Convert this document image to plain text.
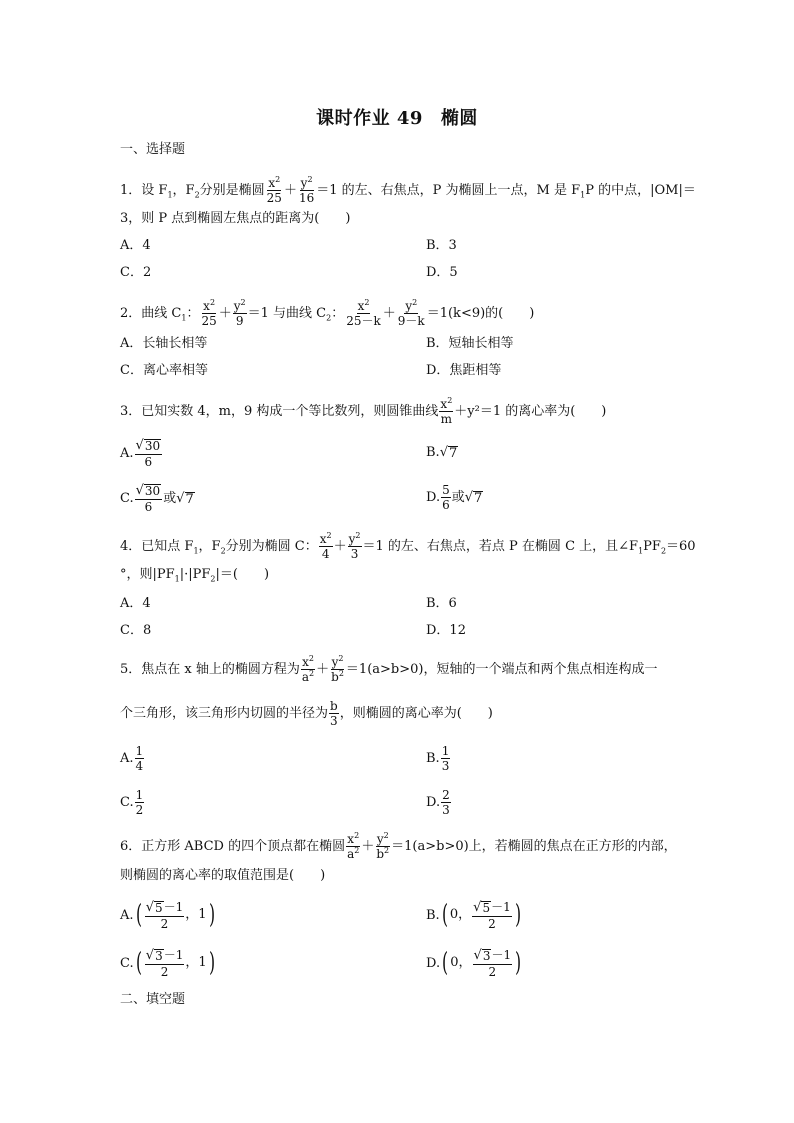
课时作业 49 椭圆
一、选择题
1．设 $F_1$，$F_2$分别是椭圆 $\frac{x^2}{25} + \frac{y^2}{16} =1$ 的左、右焦点，P 为椭圆上一点，M 是 $F_1P$ 的中点，|OM|＝
3，则 P 点到椭圆左焦点的距离为(　　)
A．4	B．3
C．2	D．5
2．曲线 $C_1$： $\frac{x^2}{25} + \frac{y^2}{9} =1$ 与曲线 $C_2$： $\frac{x^2}{25-k} + \frac{y^2}{9-k} =1(k<9)$的(　　)
A．长轴长相等	B．短轴长相等
C．离心率相等	D．焦距相等
3．已知实数 4，m，9 构成一个等比数列，则圆锥曲线 $\frac{x^2}{m} +y^2=1$ 的离心率为(　　)
A. $\frac{√ 30}{6}$	B. √ 7
C. $\frac{√ 30}{6}$ 或 √ 7	D. $\frac{5}{6}$ 或 √ 7
4．已知点 $F_1$，$F_2$分别为椭圆 C： $\frac{x^2}{4} + \frac{y^2}{3} =1$ 的左、右焦点，若点 P 在椭圆 C 上，且$\angle F_1PF_2=60$
°，则$|PF_1|\cdot|PF_2|=$(　　)
A．4	B．6
C．8	D．12
5．焦点在 x 轴上的椭圆方程为 $\frac{x^2}{a^2} + \frac{y^2}{b^2} =1(a>b>0)$，短轴的一个端点和两个焦点相连构成一
个三角形，该三角形内切圆的半径为 $\frac{b}{3}$ ，则椭圆的离心率为(　　)
A. $\frac{1}{4}$	B. $\frac{1}{3}$
C. $\frac{1}{2}$	D. $\frac{2}{3}$
6．正方形 ABCD 的四个顶点都在椭圆 $\frac{x^2}{a^2} + \frac{y^2}{b^2} =1(a>b>0)$上，若椭圆的焦点在正方形的内部，
则椭圆的离心率的取值范围是(　　)
A. ( $\frac{√ 5 -1}{2}$ ， 1 )	B. ( 0 ， $\frac{√ 5 -1}{2}$ )
C. ( $\frac{√ 3 -1}{2}$ ， 1 )	D. ( 0 ， $\frac{√ 3 -1}{2}$ )
二、填空题
